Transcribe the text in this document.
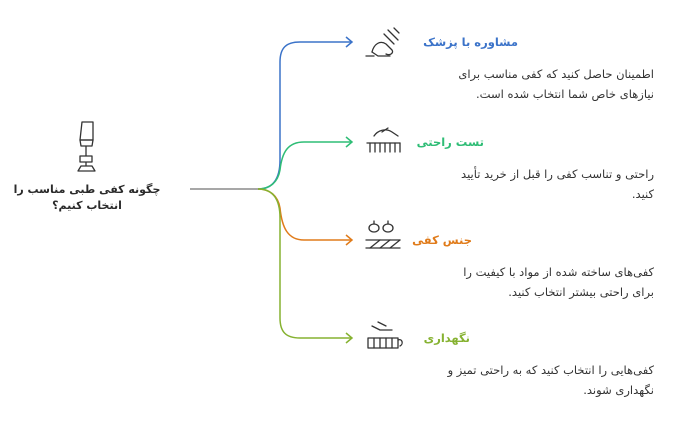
چگونه کفی طبی مناسب را
انتخاب کنیم؟
مشاوره با پزشک
اطمینان حاصل کنید که کفی مناسب برای
نیازهای خاص شما انتخاب شده است.
تست راحتی
راحتی و تناسب کفی را قبل از خرید تأیید
کنید.
جنس کفی
کفی‌های ساخته شده از مواد با کیفیت را
برای راحتی بیشتر انتخاب کنید.
نگهداری
کفی‌هایی را انتخاب کنید که به راحتی تمیز و
نگهداری شوند.
